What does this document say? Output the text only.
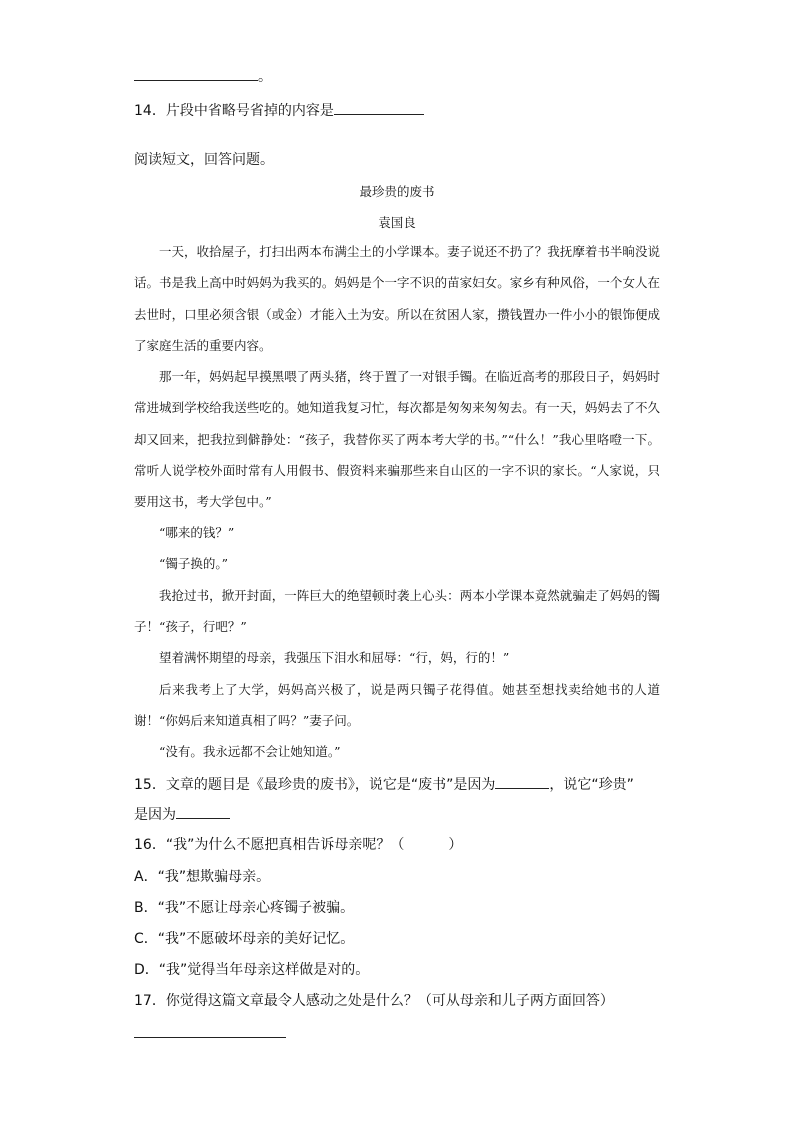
。
14．片段中省略号省掉的内容是
阅读短文，回答问题。
最珍贵的废书
袁国良
一天，收拾屋子，打扫出两本布满尘土的小学课本。妻子说还不扔了？我抚摩着书半晌没说话。书是我上高中时妈妈为我买的。妈妈是个一字不识的苗家妇女。家乡有种风俗，一个女人在去世时，口里必须含银（或金）才能入土为安。所以在贫困人家，攒钱置办一件小小的银饰便成了家庭生活的重要内容。
那一年，妈妈起早摸黑喂了两头猪，终于置了一对银手镯。在临近高考的那段日子，妈妈时常进城到学校给我送些吃的。她知道我复习忙，每次都是匆匆来匆匆去。有一天，妈妈去了不久却又回来，把我拉到僻静处：“孩子，我替你买了两本考大学的书。”“什么！”我心里咯噔一下。常听人说学校外面时常有人用假书、假资料来骗那些来自山区的一字不识的家长。“人家说，只要用这书，考大学包中。”
“哪来的钱？”
“镯子换的。”
我抢过书，掀开封面，一阵巨大的绝望顿时袭上心头：两本小学课本竟然就骗走了妈妈的镯子！“孩子，行吧？”
望着满怀期望的母亲，我强压下泪水和屈辱：“行，妈，行的！”
后来我考上了大学，妈妈高兴极了，说是两只镯子花得值。她甚至想找卖给她书的人道谢！“你妈后来知道真相了吗？”妻子问。
“没有。我永远都不会让她知道。”
15．文章的题目是《最珍贵的废书》，说它是“废书”是因为	，说它“珍贵”
是因为
16．“我”为什么不愿把真相告诉母亲呢？（	）
A．“我”想欺骗母亲。
B．“我”不愿让母亲心疼镯子被骗。
C．“我”不愿破坏母亲的美好记忆。
D．“我”觉得当年母亲这样做是对的。
17．你觉得这篇文章最令人感动之处是什么？（可从母亲和儿子两方面回答）
